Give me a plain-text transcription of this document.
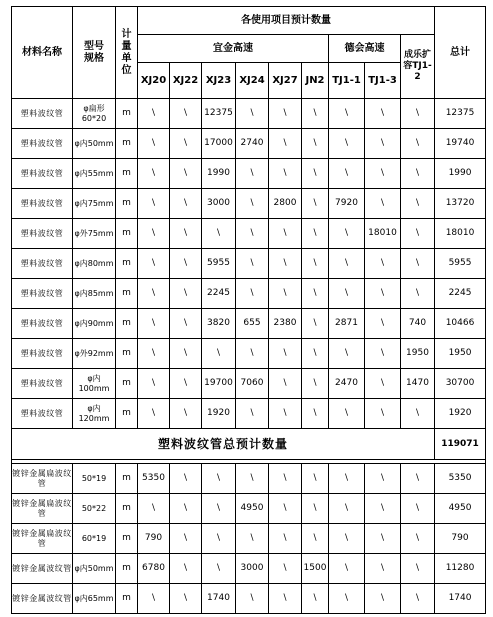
材料名称	型号规格	计量单位	各使用项目预计数量									总计
			宜金高速						德会高速		成乐扩容TJ1-2	
			XJ20	XJ22	XJ23	XJ24	XJ27	JN2	TJ1-1	TJ1-3		
塑料波纹管	φ扁形60*20	m	\	\	12375	\	\	\	\	\	\	12375
塑料波纹管	φ内50mm	m	\	\	17000	2740	\	\	\	\	\	19740
塑料波纹管	φ内55mm	m	\	\	1990	\	\	\	\	\	\	1990
塑料波纹管	φ内75mm	m	\	\	3000	\	2800	\	7920	\	\	13720
塑料波纹管	φ外75mm	m	\	\	\	\	\	\	\	18010	\	18010
塑料波纹管	φ内80mm	m	\	\	5955	\	\	\	\	\	\	5955
塑料波纹管	φ内85mm	m	\	\	2245	\	\	\	\	\	\	2245
塑料波纹管	φ内90mm	m	\	\	3820	655	2380	\	2871	\	740	10466
塑料波纹管	φ外92mm	m	\	\	\	\	\	\	\	\	1950	1950
塑料波纹管	φ内100mm	m	\	\	19700	7060	\	\	2470	\	1470	30700
塑料波纹管	φ内120mm	m	\	\	1920	\	\	\	\	\	\	1920
塑料波纹管总预计数量												119071

镀锌金属扁波纹管	50*19	m	5350	\	\	\	\	\	\	\	\	5350
镀锌金属扁波纹管	50*22	m	\	\	\	4950	\	\	\	\	\	4950
镀锌金属扁波纹管	60*19	m	790	\	\	\	\	\	\	\	\	790
镀锌金属波纹管	φ内50mm	m	6780	\	\	3000	\	1500	\	\	\	11280
镀锌金属波纹管	φ内65mm	m	\	\	1740	\	\	\	\	\	\	1740
